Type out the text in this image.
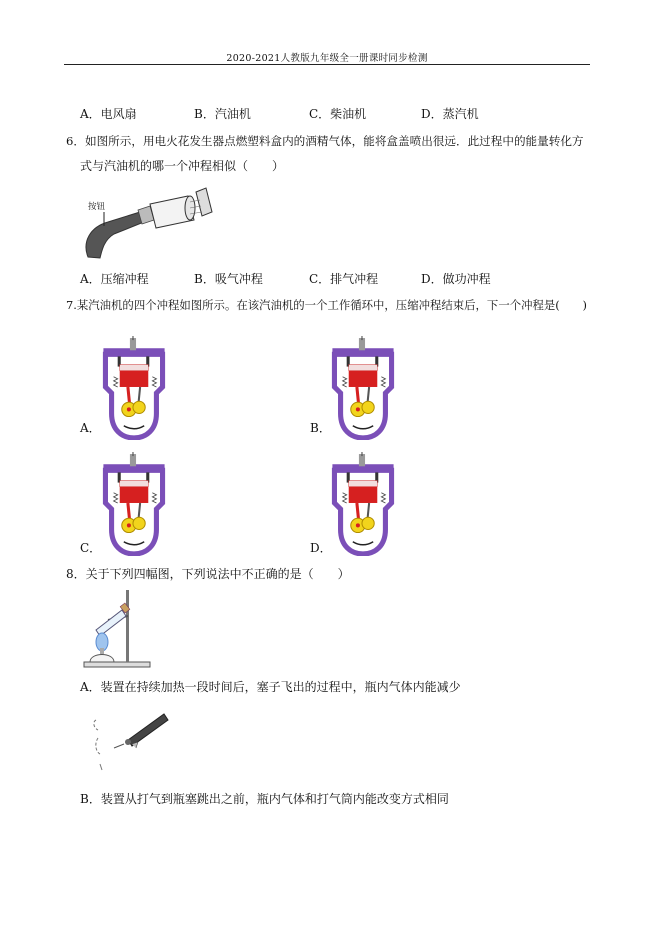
2020-2021人教版九年级全一册课时同步检测
A．电风扇	B．汽油机	C．柴油机	D．蒸汽机
6．如图所示，用电火花发生器点燃塑料盒内的酒精气体，能将盒盖喷出很远．此过程中的能量转化方
式与汽油机的哪一个冲程相似（　　）
按钮
A．压缩冲程	B．吸气冲程	C．排气冲程	D．做功冲程
7.某汽油机的四个冲程如图所示。在该汽油机的一个工作循环中，压缩冲程结束后，下一个冲程是(　　)
A．	B．
C．	D．
8．关于下列四幅图，下列说法中不正确的是（　　）
A．装置在持续加热一段时间后，塞子飞出的过程中，瓶内气体内能减少
B．装置从打气到瓶塞跳出之前，瓶内气体和打气筒内能改变方式相同
